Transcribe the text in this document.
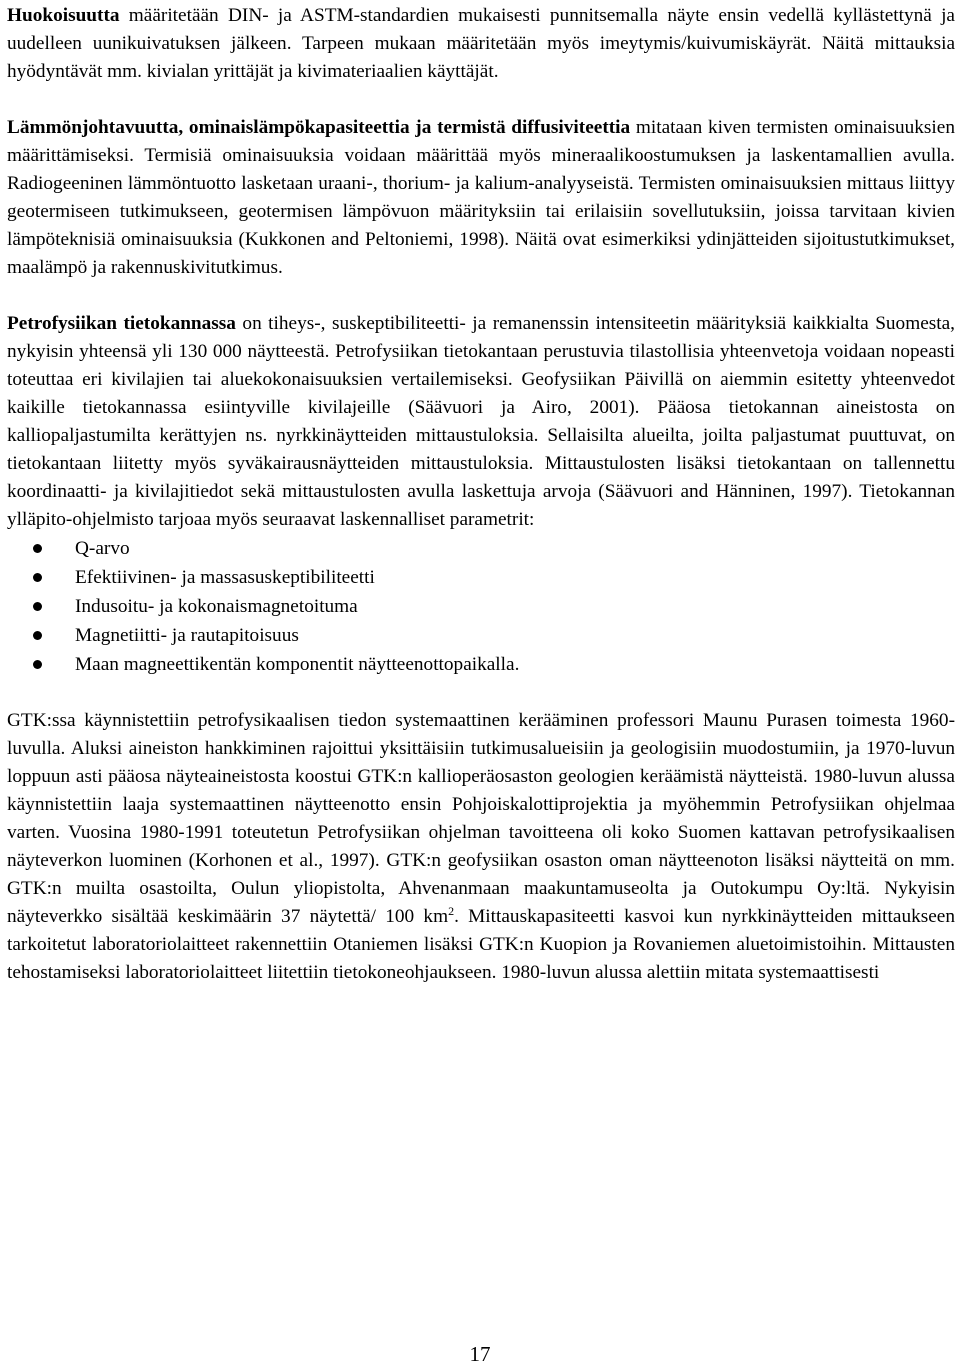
Huokoisuutta määritetään DIN- ja ASTM-standardien mukaisesti punnitsemalla näyte ensin vedellä kyllästettynä ja uudelleen uunikuivatuksen jälkeen. Tarpeen mukaan määritetään myös imeytymis/kuivumiskäyrät. Näitä mittauksia hyödyntävät mm. kivialan yrittäjät ja kivimateriaalien käyttäjät.

Lämmönjohtavuutta, ominaislämpökapasiteettia ja termistä diffusiviteettia mitataan kiven termisten ominaisuuksien määrittämiseksi. Termisiä ominaisuuksia voidaan määrittää myös mineraalikoostumuksen ja laskentamallien avulla. Radiogeeninen lämmöntuotto lasketaan uraani-, thorium- ja kalium-analyyseistä. Termisten ominaisuuksien mittaus liittyy geotermiseen tutkimukseen, geotermisen lämpövuon määrityksiin tai erilaisiin sovellutuksiin, joissa tarvitaan kivien lämpöteknisiä ominaisuuksia (Kukkonen and Peltoniemi, 1998). Näitä ovat esimerkiksi ydinjätteiden sijoitustutkimukset, maalämpö ja rakennuskivitutkimus.

Petrofysiikan tietokannassa on tiheys-, suskeptibiliteetti- ja remanenssin intensiteetin määrityksiä kaikkialta Suomesta, nykyisin yhteensä yli 130 000 näytteestä. Petrofysiikan tietokantaan perustuvia tilastollisia yhteenvetoja voidaan nopeasti toteuttaa eri kivilajien tai aluekokonaisuuksien vertailemiseksi. Geofysiikan Päivillä on aiemmin esitetty yhteenvedot kaikille tietokannassa esiintyville kivilajeille (Säävuori ja Airo, 2001). Pääosa tietokannan aineistosta on kalliopaljastumilta kerättyjen ns. nyrkkinäytteiden mittaustuloksia. Sellaisilta alueilta, joilta paljastumat puuttuvat, on tietokantaan liitetty myös syväkairausnäytteiden mittaustuloksia. Mittaustulosten lisäksi tietokantaan on tallennettu koordinaatti- ja kivilajitiedot sekä mittaustulosten avulla laskettuja arvoja (Säävuori and Hänninen, 1997). Tietokannan ylläpito-ohjelmisto tarjoaa myös seuraavat laskennalliset parametrit:

Q-arvo
Efektiivinen- ja massasuskeptibiliteetti
Indusoitu- ja kokonaismagnetoituma
Magnetiitti- ja rautapitoisuus
Maan magneettikentän komponentit näytteenottopaikalla.

GTK:ssa käynnistettiin petrofysikaalisen tiedon systemaattinen kerääminen professori Maunu Purasen toimesta 1960-luvulla. Aluksi aineiston hankkiminen rajoittui yksittäisiin tutkimusalueisiin ja geologisiin muodostumiin, ja 1970-luvun loppuun asti pääosa näyteaineistosta koostui GTK:n kallioperäosaston geologien keräämistä näytteistä. 1980-luvun alussa käynnistettiin laaja systemaattinen näytteenotto ensin Pohjoiskalottiprojektia ja myöhemmin Petrofysiikan ohjelmaa varten. Vuosina 1980-1991 toteutetun Petrofysiikan ohjelman tavoitteena oli koko Suomen kattavan petrofysikaalisen näyteverkon luominen (Korhonen et al., 1997). GTK:n geofysiikan osaston oman näytteenoton lisäksi näytteitä on mm. GTK:n muilta osastoilta, Oulun yliopistolta, Ahvenanmaan maakuntamuseolta ja Outokumpu Oy:ltä. Nykyisin näyteverkko sisältää keskimäärin 37 näytettä/ 100 $km^2$. Mittauskapasiteetti kasvoi kun nyrkkinäytteiden mittaukseen tarkoitetut laboratoriolaitteet rakennettiin Otaniemen lisäksi GTK:n Kuopion ja Rovaniemen aluetoimistoihin. Mittausten tehostamiseksi laboratoriolaitteet liitettiin tietokoneohjaukseen. 1980-luvun alussa alettiin mitata systemaattisesti

17
